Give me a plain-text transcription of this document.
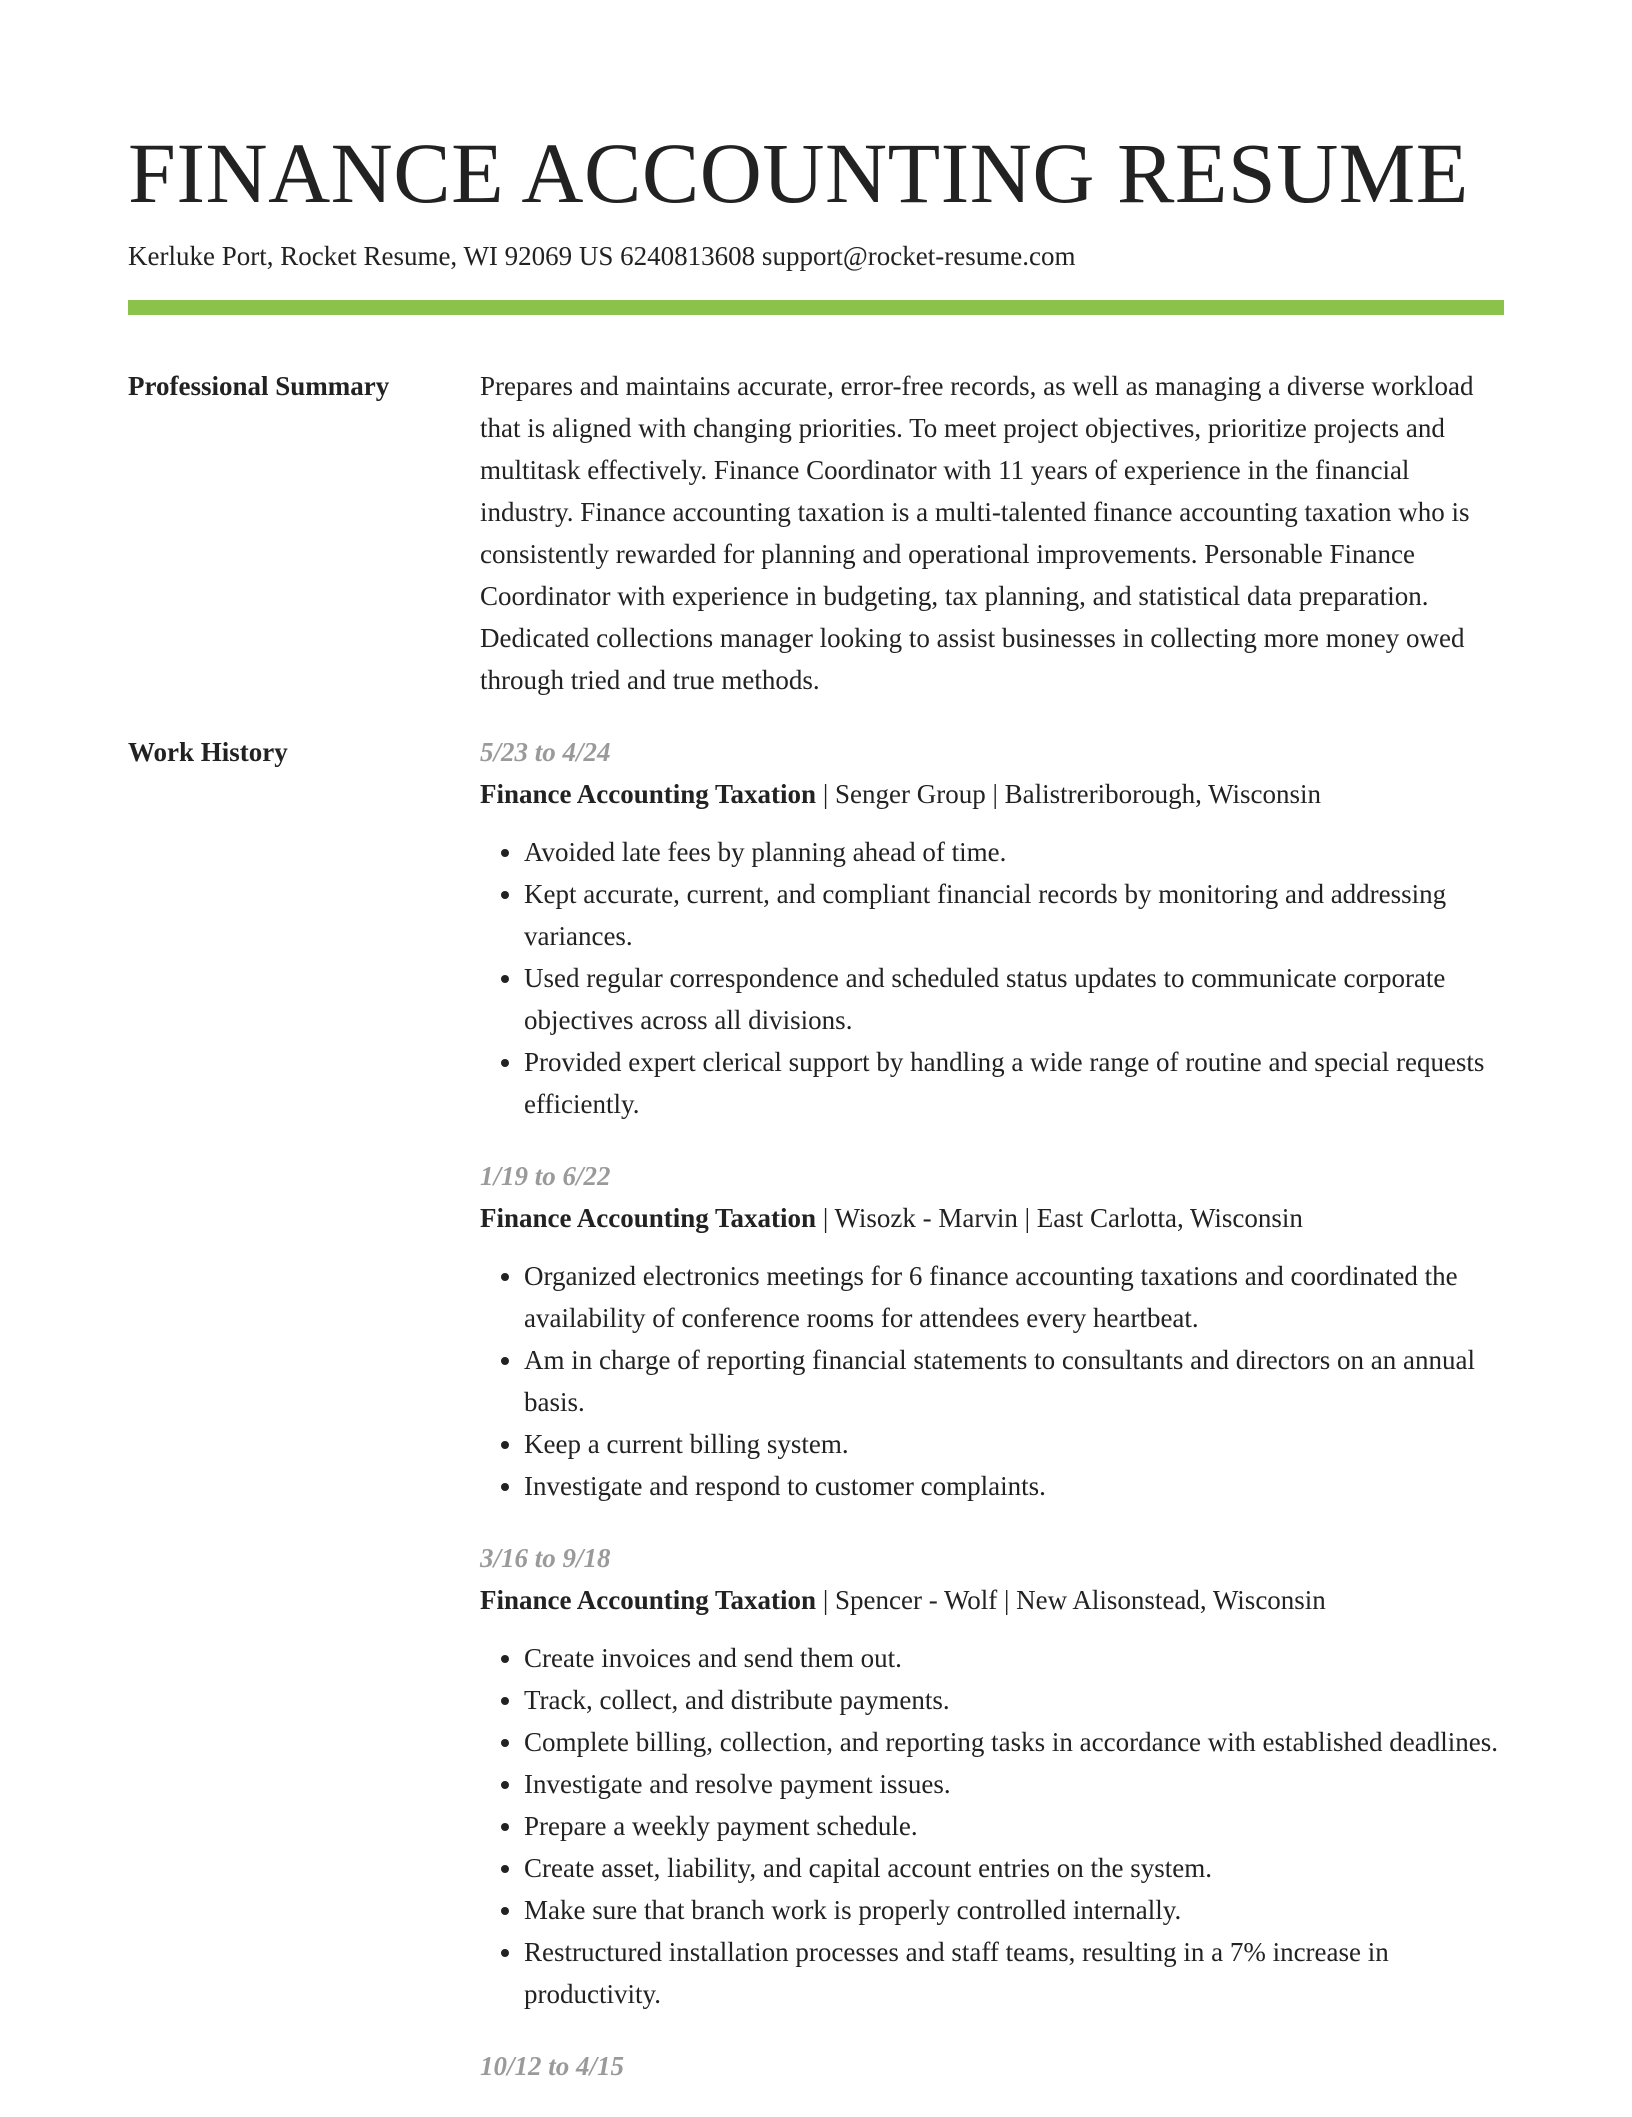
FINANCE ACCOUNTING RESUME
Kerluke Port, Rocket Resume, WI 92069 US 6240813608 support@rocket-resume.com
Professional Summary	Prepares and maintains accurate, error-free records, as well as managing a diverse workload that is aligned with changing priorities. To meet project objectives, prioritize projects and multitask effectively. Finance Coordinator with 11 years of experience in the financial industry. Finance accounting taxation is a multi-talented finance accounting taxation who is consistently rewarded for planning and operational improvements. Personable Finance Coordinator with experience in budgeting, tax planning, and statistical data preparation. Dedicated collections manager looking to assist businesses in collecting more money owed through tried and true methods.

Work History	5/23 to 4/24
Finance Accounting Taxation | Senger Group | Balistreriborough, Wisconsin
• Avoided late fees by planning ahead of time.
• Kept accurate, current, and compliant financial records by monitoring and addressing variances.
• Used regular correspondence and scheduled status updates to communicate corporate objectives across all divisions.
• Provided expert clerical support by handling a wide range of routine and special requests efficiently.
1/19 to 6/22
Finance Accounting Taxation | Wisozk - Marvin | East Carlotta, Wisconsin
• Organized electronics meetings for 6 finance accounting taxations and coordinated the availability of conference rooms for attendees every heartbeat.
• Am in charge of reporting financial statements to consultants and directors on an annual basis.
• Keep a current billing system.
• Investigate and respond to customer complaints.
3/16 to 9/18
Finance Accounting Taxation | Spencer - Wolf | New Alisonstead, Wisconsin
• Create invoices and send them out.
• Track, collect, and distribute payments.
• Complete billing, collection, and reporting tasks in accordance with established deadlines.
• Investigate and resolve payment issues.
• Prepare a weekly payment schedule.
• Create asset, liability, and capital account entries on the system.
• Make sure that branch work is properly controlled internally.
• Restructured installation processes and staff teams, resulting in a 7% increase in productivity.
10/12 to 4/15
